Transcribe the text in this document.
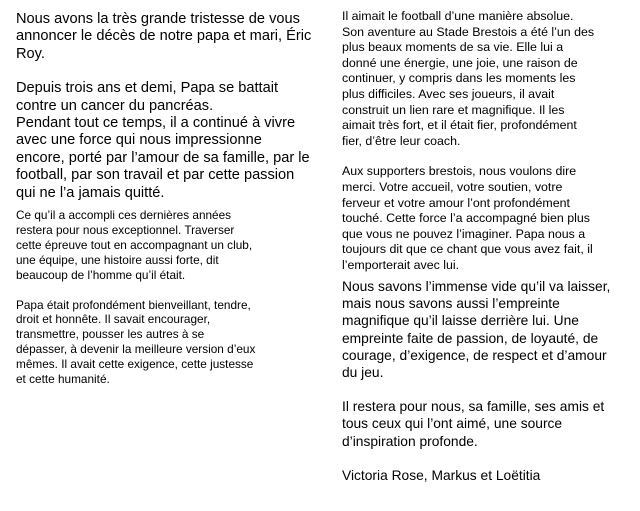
Nous avons la très grande tristesse de vous
annoncer le décès de notre papa et mari, Éric
Roy.

Depuis trois ans et demi, Papa se battait
contre un cancer du pancréas.
Pendant tout ce temps, il a continué à vivre
avec une force qui nous impressionne
encore, porté par l’amour de sa famille, par le
football, par son travail et par cette passion
qui ne l’a jamais quitté.

Ce qu’il a accompli ces dernières années
restera pour nous exceptionnel. Traverser
cette épreuve tout en accompagnant un club,
une équipe, une histoire aussi forte, dit
beaucoup de l’homme qu’il était.

Papa était profondément bienveillant, tendre,
droit et honnête. Il savait encourager,
transmettre, pousser les autres à se
dépasser, à devenir la meilleure version d’eux
mêmes. Il avait cette exigence, cette justesse
et cette humanité.

Il aimait le football d’une manière absolue.
Son aventure au Stade Brestois a été l’un des
plus beaux moments de sa vie. Elle lui a
donné une énergie, une joie, une raison de
continuer, y compris dans les moments les
plus difficiles. Avec ses joueurs, il avait
construit un lien rare et magnifique. Il les
aimait très fort, et il était fier, profondément
fier, d’être leur coach.

Aux supporters brestois, nous voulons dire
merci. Votre accueil, votre soutien, votre
ferveur et votre amour l’ont profondément
touché. Cette force l’a accompagné bien plus
que vous ne pouvez l’imaginer. Papa nous a
toujours dit que ce chant que vous avez fait, il
l’emporterait avec lui.

Nous savons l’immense vide qu’il va laisser,
mais nous savons aussi l’empreinte
magnifique qu’il laisse derrière lui. Une
empreinte faite de passion, de loyauté, de
courage, d’exigence, de respect et d’amour
du jeu.

Il restera pour nous, sa famille, ses amis et
tous ceux qui l’ont aimé, une source
d’inspiration profonde.

Victoria Rose, Markus et Loëtitia
